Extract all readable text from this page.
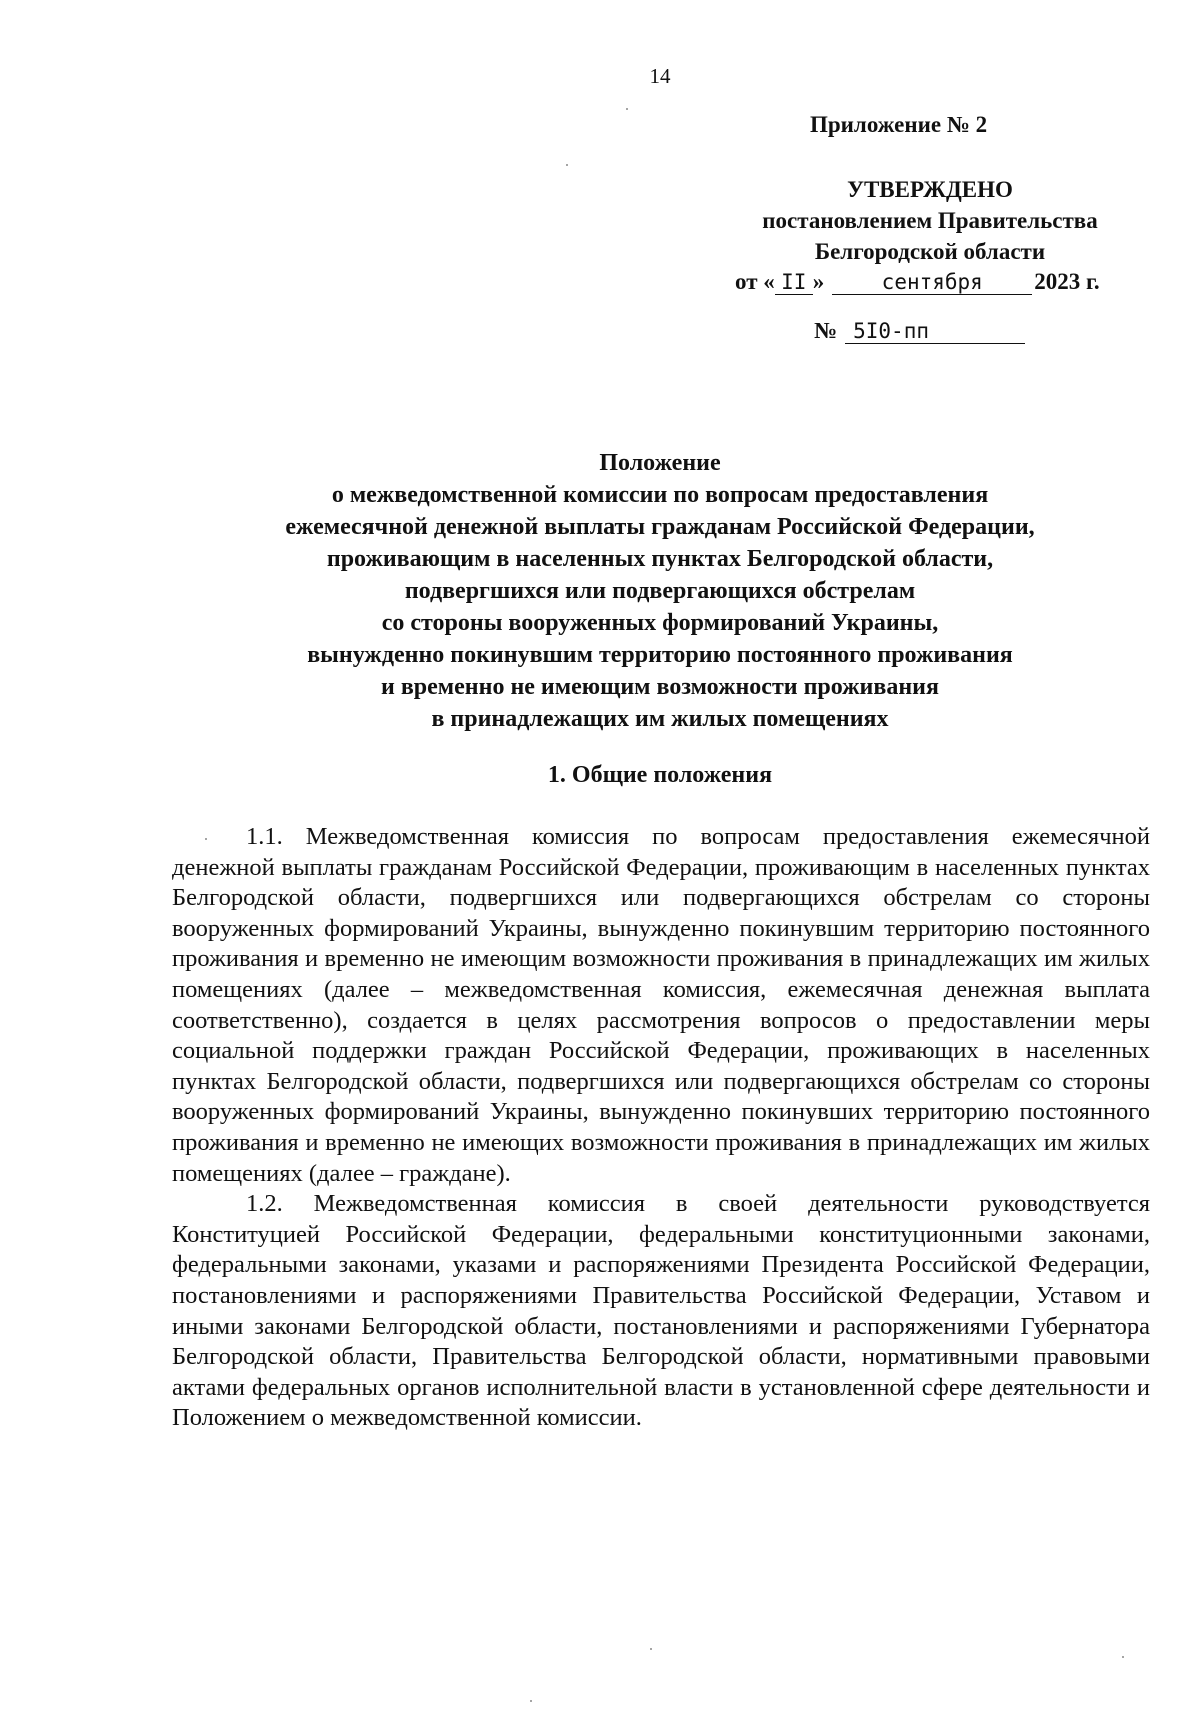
14
Приложение № 2
УТВЕРЖДЕНО
постановлением Правительства
Белгородской области
от « II »	сентября 2023 г.
№ 5I0-пп
Положение
о межведомственной комиссии по вопросам предоставления
ежемесячной денежной выплаты гражданам Российской Федерации,
проживающим в населенных пунктах Белгородской области,
подвергшихся или подвергающихся обстрелам
со стороны вооруженных формирований Украины,
вынужденно покинувшим территорию постоянного проживания
и временно не имеющим возможности проживания
в принадлежащих им жилых помещениях
1. Общие положения

1.1. Межведомственная комиссия по вопросам предоставления ежемесячной денежной выплаты гражданам Российской Федерации, проживающим в населенных пунктах Белгородской области, подвергшихся или подвергающихся обстрелам со стороны вооруженных формирований Украины, вынужденно покинувшим территорию постоянного проживания и временно не имеющим возможности проживания в принадлежащих им жилых помещениях (далее – межведомственная комиссия, ежемесячная денежная выплата соответственно), создается в целях рассмотрения вопросов о предоставлении меры социальной поддержки граждан Российской Федерации, проживающих в населенных пунктах Белгородской области, подвергшихся или подвергающихся обстрелам со стороны вооруженных формирований Украины, вынужденно покинувших территорию постоянного проживания и временно не имеющих возможности проживания в принадлежащих им жилых помещениях (далее – граждане).

1.2. Межведомственная комиссия в своей деятельности руководствуется Конституцией Российской Федерации, федеральными конституционными законами, федеральными законами, указами и распоряжениями Президента Российской Федерации, постановлениями и распоряжениями Правительства Российской Федерации, Уставом и иными законами Белгородской области, постановлениями и распоряжениями Губернатора Белгородской области, Правительства Белгородской области, нормативными правовыми актами федеральных органов исполнительной власти в установленной сфере деятельности и Положением о межведомственной комиссии.
